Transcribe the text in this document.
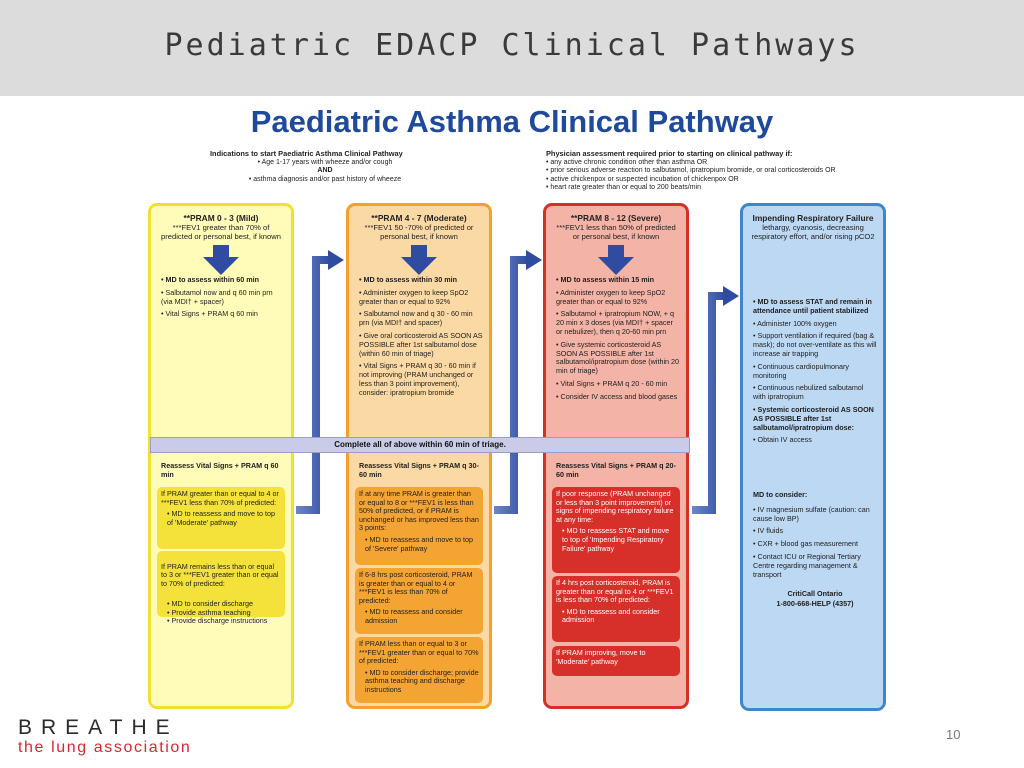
Pediatric EDACP Clinical Pathways
Paediatric Asthma Clinical Pathway
Indications to start Paediatric Asthma Clinical Pathway
• Age 1-17 years with wheeze and/or cough
AND
• asthma diagnosis and/or past history of wheeze
Physician assessment required prior to starting on clinical pathway if:
• any active chronic condition other than asthma OR
• prior serious adverse reaction to salbutamol, ipratropium bromide, or oral corticosteroids OR
• active chickenpox or suspected incubation of chickenpox OR
• heart rate greater than or equal to 200 beats/min
**PRAM 0 - 3 (Mild)
***FEV1 greater than 70% of predicted or personal best, if known
• MD to assess within 60 min
• Salbutamol now and q 60 min prn (via MDI† + spacer)
• Vital Signs + PRAM q 60 min
Reassess Vital Signs + PRAM q 60 min
If PRAM greater than or equal to 4 or ***FEV1 less than 70% of predicted:
• MD to reassess and move to top of 'Moderate' pathway

If PRAM remains less than or equal to 3 or ***FEV1 greater than or equal to 70% of predicted:

• MD to consider discharge
• Provide asthma teaching
• Provide discharge instructions

**PRAM 4 - 7 (Moderate)
***FEV1 50 -70% of predicted or personal best, if known
• MD to assess within 30 min
• Administer oxygen to keep SpO2 greater than or equal to 92%
• Salbutamol now and q 30 - 60 min prn (via MDI† and spacer)
• Give oral corticosteroid AS SOON AS POSSIBLE after 1st salbutamol dose (within 60 min of triage)
• Vital Signs + PRAM q 30 - 60 min if not improving (PRAM unchanged or less than 3 point improvement), consider: ipratropium bromide
Reassess Vital Signs + PRAM q 30-60 min
If at any time PRAM is greater than or equal to 8 or ***FEV1 is less than 50% of predicted, or if PRAM is unchanged or has improved less than 3 points:
• MD to reassess and move to top of 'Severe' pathway
If 6-8 hrs post corticosteroid, PRAM is greater than or equal to 4 or ***FEV1 is less than 70% of predicted:
• MD to reassess and consider admission
If PRAM less than or equal to 3 or ***FEV1 greater than or equal to 70% of predicted:
• MD to consider discharge; provide asthma teaching and discharge instructions
**PRAM 8 - 12 (Severe)
***FEV1 less than 50% of predicted or personal best, if known
• MD to assess within 15 min
• Administer oxygen to keep SpO2 greater than or equal to 92%
• Salbutamol + ipratropium NOW, + q 20 min x 3 doses (via MDI† + spacer or nebulizer), then q 20-60 min prn
• Give systemic corticosteroid AS SOON AS POSSIBLE after 1st salbutamol/ipratropium dose (within 20 min of triage)
• Vital Signs + PRAM q 20 - 60 min
• Consider IV access and blood gases
Reassess Vital Signs + PRAM q 20-60 min
If poor response (PRAM unchanged or less than 3 point improvement) or signs of impending respiratory failure at any time:
• MD to reassess STAT and move to top of 'Impending Respiratory Failure' pathway
If 4 hrs post corticosteroid, PRAM is greater than or equal to 4 or ***FEV1 is less than 70% of predicted:
• MD to reassess and consider admission
If PRAM improving, move to 'Moderate' pathway
Impending Respiratory Failure
lethargy, cyanosis, decreasing respiratory effort, and/or rising pCO2
• MD to assess STAT and remain in attendance until patient stabilized
• Administer 100% oxygen
• Support ventilation if required (bag & mask); do not over-ventilate as this will increase air trapping
• Continuous cardiopulmonary monitoring
• Continuous nebulized salbutamol with ipratropium
• Systemic corticosteroid AS SOON AS POSSIBLE after 1st salbutamol/ipratropium dose:
• Obtain IV access
MD to consider:
• IV magnesium sulfate (caution: can cause low BP)
• IV fluids
• CXR + blood gas measurement
• Contact ICU or Regional Tertiary Centre regarding management & transport
CritiCall Ontario
1-800-668-HELP (4357)
Complete all of above within 60 min of triage.
BREATHE
the lung association
10
